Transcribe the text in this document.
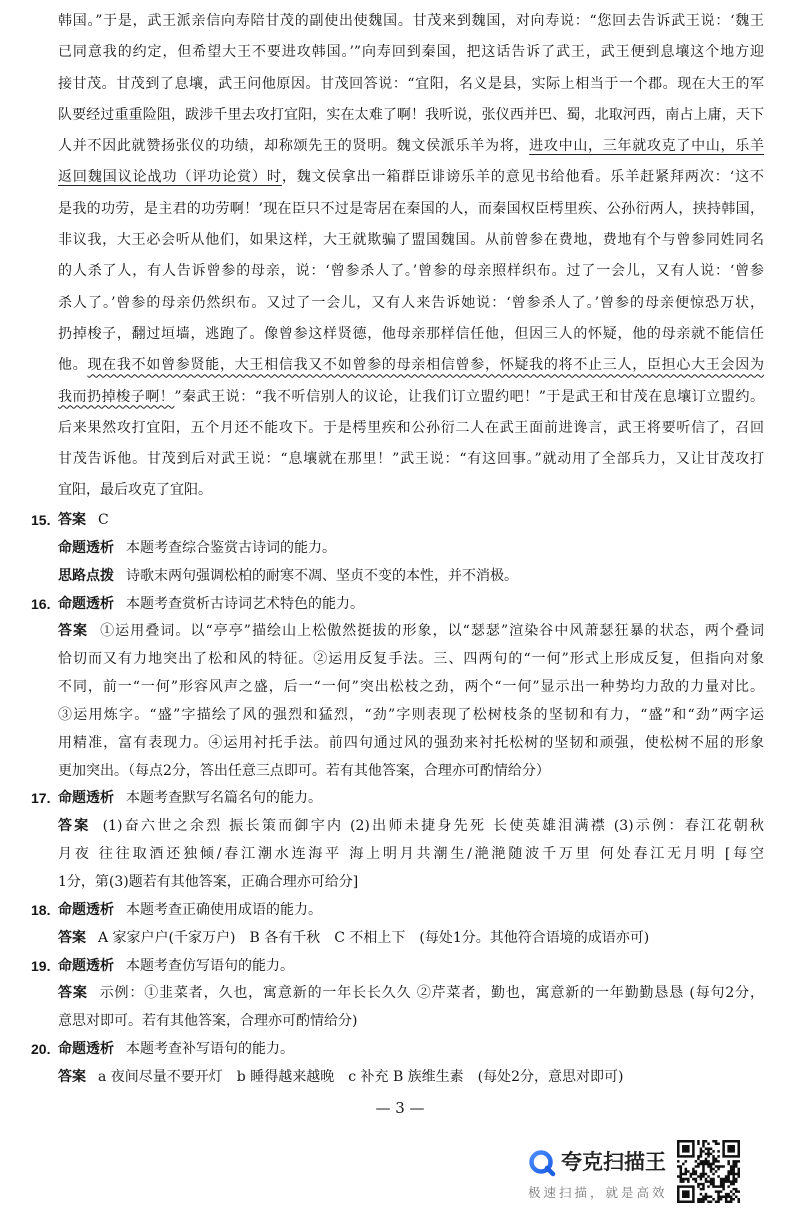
韩国。”于是，武王派亲信向寿陪甘茂的副使出使魏国。甘茂来到魏国，对向寿说：“您回去告诉武王说：‘魏王
已同意我的约定，但希望大王不要进攻韩国。’”向寿回到秦国，把这话告诉了武王，武王便到息壤这个地方迎
接甘茂。甘茂到了息壤，武王问他原因。甘茂回答说：“宜阳，名义是县，实际上相当于一个郡。现在大王的军
队要经过重重险阻，跋涉千里去攻打宜阳，实在太难了啊！我听说，张仪西并巴、蜀，北取河西，南占上庸，天下
人并不因此就赞扬张仪的功绩，却称颂先王的贤明。魏文侯派乐羊为将，进攻中山，三年就攻克了中山，乐羊
返回魏国议论战功（评功论赏）时，魏文侯拿出一箱群臣诽谤乐羊的意见书给他看。乐羊赶紧拜两次：‘这不
是我的功劳，是主君的功劳啊！’现在臣只不过是寄居在秦国的人，而秦国权臣樗里疾、公孙衍两人，挟持韩国，
非议我，大王必会听从他们，如果这样，大王就欺骗了盟国魏国。从前曾参在费地，费地有个与曾参同姓同名
的人杀了人，有人告诉曾参的母亲，说：‘曾参杀人了。’曾参的母亲照样织布。过了一会儿，又有人说：‘曾参
杀人了。’曾参的母亲仍然织布。又过了一会儿，又有人来告诉她说：‘曾参杀人了。’曾参的母亲便惊恐万状，
扔掉梭子，翻过垣墙，逃跑了。像曾参这样贤德，他母亲那样信任他，但因三人的怀疑，他的母亲就不能信任
他。现在我不如曾参贤能，大王相信我又不如曾参的母亲相信曾参，怀疑我的将不止三人，臣担心大王会因为
我而扔掉梭子啊！”秦武王说：“我不听信别人的议论，让我们订立盟约吧！”于是武王和甘茂在息壤订立盟约。
后来果然攻打宜阳，五个月还不能攻下。于是樗里疾和公孙衍二人在武王面前进谗言，武王将要听信了，召回
甘茂告诉他。甘茂到后对武王说：“息壤就在那里！”武王说：“有这回事。”就动用了全部兵力，又让甘茂攻打
宜阳，最后攻克了宜阳。
15. 答案 C
命题透析 本题考查综合鉴赏古诗词的能力。
思路点拨 诗歌末两句强调松柏的耐寒不凋、坚贞不变的本性，并不消极。
16. 命题透析 本题考查赏析古诗词艺术特色的能力。
答案 ①运用叠词。以“亭亭”描绘山上松傲然挺拔的形象，以“瑟瑟”渲染谷中风萧瑟狂暴的状态，两个叠词
恰切而又有力地突出了松和风的特征。②运用反复手法。三、四两句的“一何”形式上形成反复，但指向对象
不同，前一“一何”形容风声之盛，后一“一何”突出松枝之劲，两个“一何”显示出一种势均力敌的力量对比。
③运用炼字。“盛”字描绘了风的强烈和猛烈，“劲”字则表现了松树枝条的坚韧和有力，“盛”和“劲”两字运
用精准，富有表现力。④运用衬托手法。前四句通过风的强劲来衬托松树的坚韧和顽强，使松树不屈的形象
更加突出。（每点2分，答出任意三点即可。若有其他答案，合理亦可酌情给分）
17. 命题透析 本题考查默写名篇名句的能力。
答案 (1)奋六世之余烈 振长策而御宇内 (2)出师未捷身先死 长使英雄泪满襟 (3)示例：春江花朝秋
月夜 往往取酒还独倾/春江潮水连海平 海上明月共潮生/滟滟随波千万里 何处春江无月明 [每空
1分，第(3)题若有其他答案，正确合理亦可给分]
18. 命题透析 本题考查正确使用成语的能力。
答案 A 家家户户(千家万户)　B 各有千秋　C 不相上下　(每处1分。其他符合语境的成语亦可)
19. 命题透析 本题考查仿写语句的能力。
答案 示例：①韭菜者，久也，寓意新的一年长长久久 ②芹菜者，勤也，寓意新的一年勤勤恳恳 (每句2分，
意思对即可。若有其他答案，合理亦可酌情给分)
20. 命题透析 本题考查补写语句的能力。
答案 a 夜间尽量不要开灯　b 睡得越来越晚　c 补充 B 族维生素　(每处2分，意思对即可)
— 3 —
夸克扫描王
极速扫描，就是高效
